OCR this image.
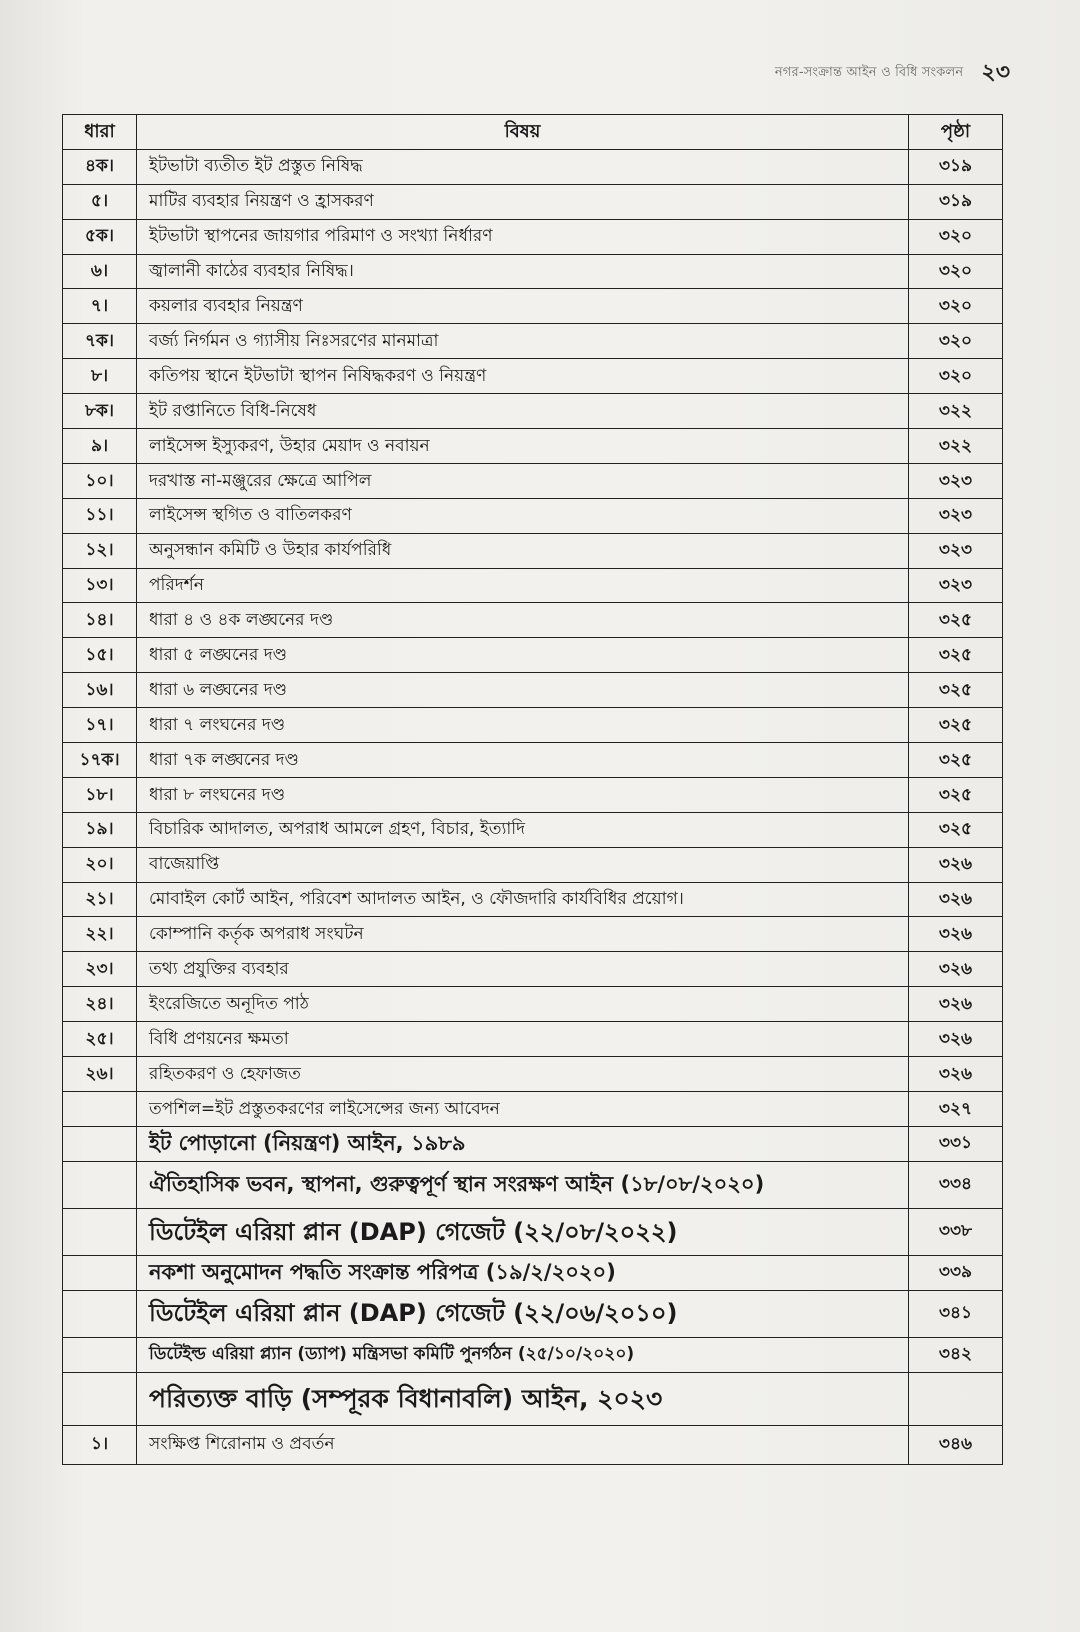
নগর-সংক্রান্ত আইন ও বিধি সংকলন ২৩
ধারা	বিষয়	পৃষ্ঠা
৪ক।	ইটভাটা ব্যতীত ইট প্রস্তুত নিষিদ্ধ	৩১৯
৫।	মাটির ব্যবহার নিয়ন্ত্রণ ও হ্রাসকরণ	৩১৯
৫ক।	ইটভাটা স্থাপনের জায়গার পরিমাণ ও সংখ্যা নির্ধারণ	৩২০
৬।	জ্বালানী কাঠের ব্যবহার নিষিদ্ধ।	৩২০
৭।	কয়লার ব্যবহার নিয়ন্ত্রণ	৩২০
৭ক।	বর্জ্য নির্গমন ও গ্যাসীয় নিঃসরণের মানমাত্রা	৩২০
৮।	কতিপয় স্থানে ইটভাটা স্থাপন নিষিদ্ধকরণ ও নিয়ন্ত্রণ	৩২০
৮ক।	ইট রপ্তানিতে বিধি-নিষেধ	৩২২
৯।	লাইসেন্স ইস্যুকরণ, উহার মেয়াদ ও নবায়ন	৩২২
১০।	দরখাস্ত না-মঞ্জুরের ক্ষেত্রে আপিল	৩২৩
১১।	লাইসেন্স স্থগিত ও বাতিলকরণ	৩২৩
১২।	অনুসন্ধান কমিটি ও উহার কার্যপরিধি	৩২৩
১৩।	পরিদর্শন	৩২৩
১৪।	ধারা ৪ ও ৪ক লঙ্ঘনের দণ্ড	৩২৫
১৫।	ধারা ৫ লঙ্ঘনের দণ্ড	৩২৫
১৬।	ধারা ৬ লঙ্ঘনের দণ্ড	৩২৫
১৭।	ধারা ৭ লংঘনের দণ্ড	৩২৫
১৭ক।	ধারা ৭ক লঙ্ঘনের দণ্ড	৩২৫
১৮।	ধারা ৮ লংঘনের দণ্ড	৩২৫
১৯।	বিচারিক আদালত, অপরাধ আমলে গ্রহণ, বিচার, ইত্যাদি	৩২৫
২০।	বাজেয়াপ্তি	৩২৬
২১।	মোবাইল কোর্ট আইন, পরিবেশ আদালত আইন, ও ফৌজদারি কার্যবিধির প্রয়োগ।	৩২৬
২২।	কোম্পানি কর্তৃক অপরাধ সংঘটন	৩২৬
২৩।	তথ্য প্রযুক্তির ব্যবহার	৩২৬
২৪।	ইংরেজিতে অনূদিত পাঠ	৩২৬
২৫।	বিধি প্রণয়নের ক্ষমতা	৩২৬
২৬।	রহিতকরণ ও হেফাজত	৩২৬
	তপশিল=ইট প্রস্তুতকরণের লাইসেন্সের জন্য আবেদন	৩২৭
	ইট পোড়ানো (নিয়ন্ত্রণ) আইন, ১৯৮৯	৩৩১
	ঐতিহাসিক ভবন, স্থাপনা, গুরুত্বপূর্ণ স্থান সংরক্ষণ আইন (১৮/০৮/২০২০)	৩৩৪
	ডিটেইল এরিয়া প্লান (DAP) গেজেট (২২/০৮/২০২২)	৩৩৮
	নকশা অনুমোদন পদ্ধতি সংক্রান্ত পরিপত্র (১৯/২/২০২০)	৩৩৯
	ডিটেইল এরিয়া প্লান (DAP) গেজেট (২২/০৬/২০১০)	৩৪১
	ডিটেইল্ড এরিয়া প্ল্যান (ড্যাপ) মন্ত্রিসভা কমিটি পুনর্গঠন (২৫/১০/২০২০)	৩৪২
	পরিত্যক্ত বাড়ি (সম্পূরক বিধানাবলি) আইন, ২০২৩	
১।	সংক্ষিপ্ত শিরোনাম ও প্রবর্তন	৩৪৬
